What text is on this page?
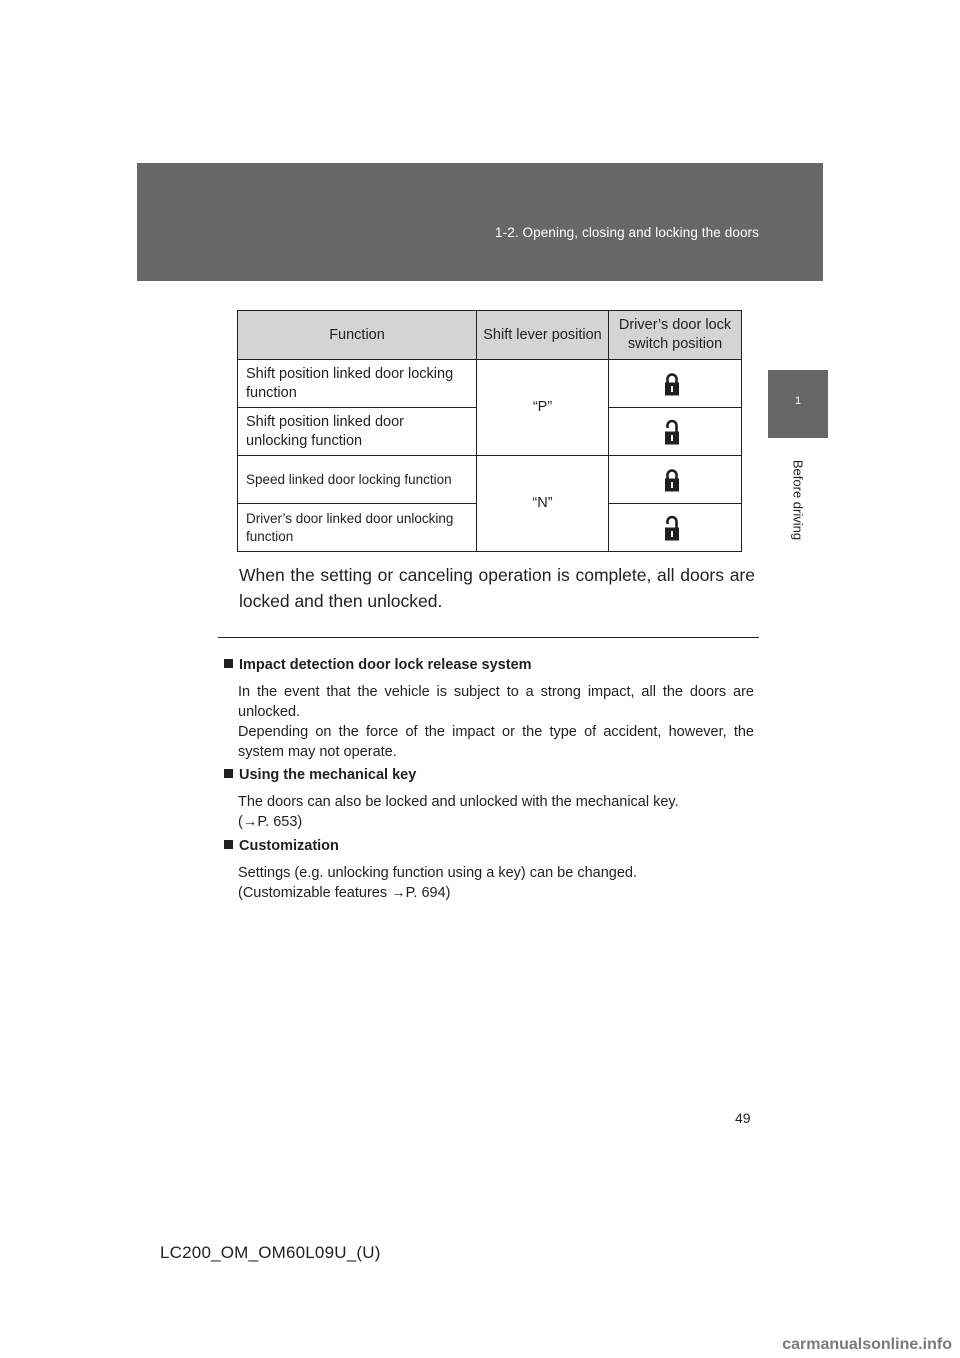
1-2. Opening, closing and locking the doors
1
Before driving
Function	Shift lever position	Driver’s door lock switch position
Shift position linked door locking function	“P”	

Shift position linked door unlocking function	

Speed linked door locking function	“N”	

Driver’s door linked door unlocking function	
When the setting or canceling operation is complete, all doors are locked and then unlocked.
Impact detection door lock release system

In the event that the vehicle is subject to a strong impact, all the doors are unlocked.

Depending on the force of the impact or the type of accident, however, the system may not operate.

Using the mechanical key

The doors can also be locked and unlocked with the mechanical key.

(→P. 653)

Customization

Settings (e.g. unlocking function using a key) can be changed.

(Customizable features →P. 694)

49
LC200_OM_OM60L09U_(U)
carmanualsonline.info
